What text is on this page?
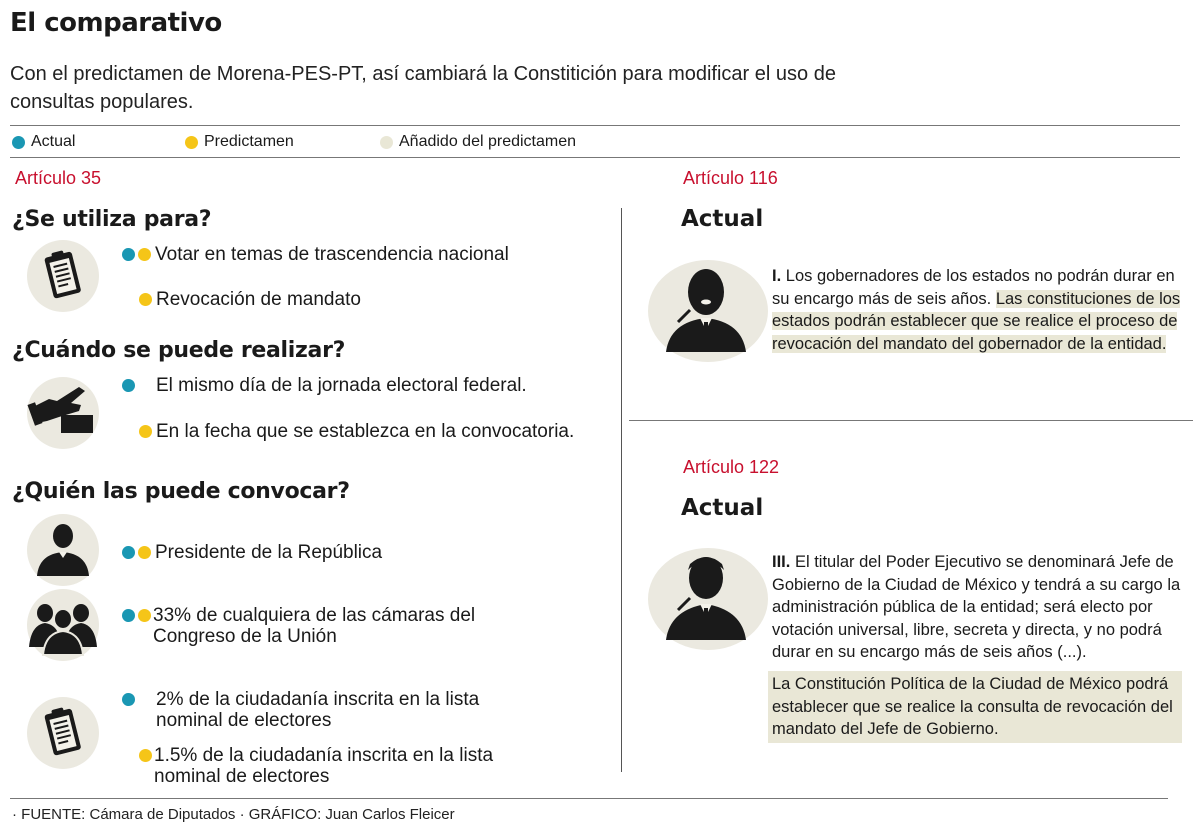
El comparativo
Con el predictamen de Morena-PES-PT, así cambiará la Constitición para modificar el uso de consultas populares.
Actual	Predictamen	Añadido del predictamen
Artículo 35
¿Se utiliza para?
Votar en temas de trascendencia nacional
Revocación de mandato
¿Cuándo se puede realizar?
El mismo día de la jornada electoral federal.
En la fecha que se establezca en la convocatoria.
¿Quién las puede convocar?
Presidente de la República
33% de cualquiera de las cámaras del Congreso de la Unión
2% de la ciudadanía inscrita en la lista nominal de electores
1.5% de la ciudadanía inscrita en la lista nominal de electores
Artículo 116
Actual
I. Los gobernadores de los estados no podrán durar en su encargo más de seis años. Las constituciones de los estados podrán establecer que se realice el proceso de revocación del mandato del gobernador de la entidad.
Artículo 122
Actual
III. El titular del Poder Ejecutivo se denominará Jefe de Gobierno de la Ciudad de México y tendrá a su cargo la administración pública de la entidad; será electo por votación universal, libre, secreta y directa, y no podrá durar en su encargo más de seis años (...).
La Constitución Política de la Ciudad de México podrá establecer que se realice la consulta de revocación del mandato del Jefe de Gobierno.
· FUENTE: Cámara de Diputados · GRÁFICO: Juan Carlos Fleicer
